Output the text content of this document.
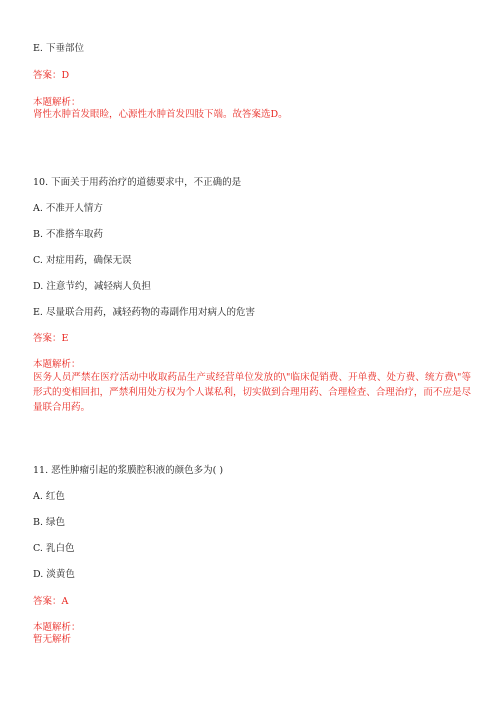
E. 下垂部位
答案：D
本题解析：
肾性水肿首发眼睑，心源性水肿首发四肢下端。故答案选D。
10. 下面关于用药治疗的道德要求中，不正确的是
A. 不准开人情方
B. 不准搭车取药
C. 对症用药，确保无误
D. 注意节约，减轻病人负担
E. 尽量联合用药，减轻药物的毒副作用对病人的危害
答案：E
本题解析：
医务人员严禁在医疗活动中收取药品生产或经营单位发放的\"临床促销费、开单费、处方费、统方费\"等形式的变相回扣，严禁利用处方权为个人谋私利，切实做到合理用药、合理检查、合理治疗，而不应是尽量联合用药。
11. 恶性肿瘤引起的浆膜腔积液的颜色多为( )
A. 红色
B. 绿色
C. 乳白色
D. 淡黄色
答案：A
本题解析：
暂无解析
